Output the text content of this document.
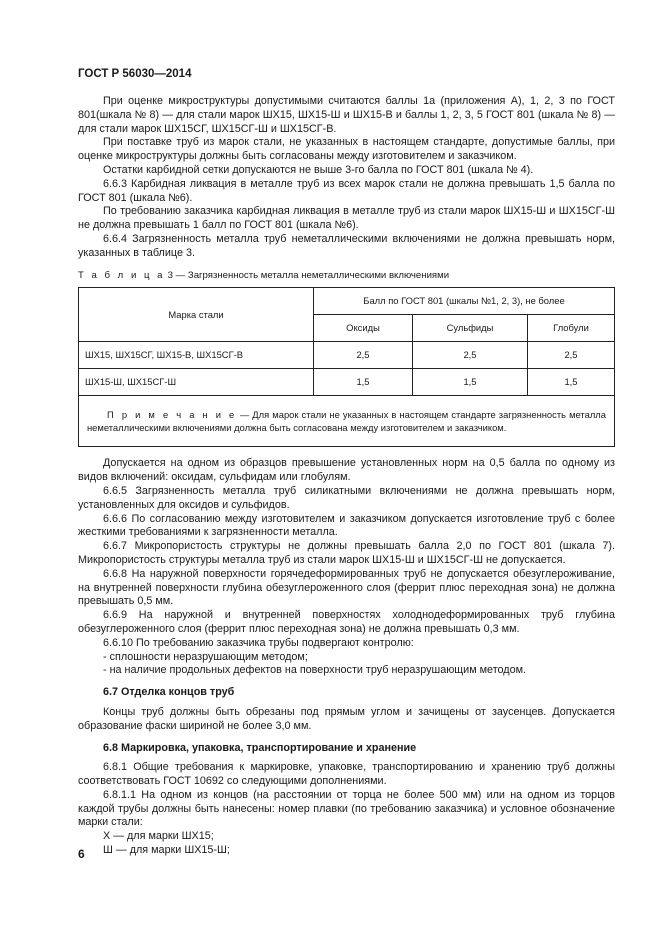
ГОСТ Р 56030—2014

При оценке микроструктуры допустимыми считаются баллы 1а (приложения А), 1, 2, 3 по ГОСТ 801(шкала № 8) — для стали марок ШХ15, ШХ15-Ш и ШХ15-В и баллы 1, 2, 3, 5 ГОСТ 801 (шкала № 8) — для стали марок ШХ15СГ, ШХ15СГ-Ш и ШХ15СГ-В.

При поставке труб из марок стали, не указанных в настоящем стандарте, допустимые баллы, при оценке микроструктуры должны быть согласованы между изготовителем и заказчиком.

Остатки карбидной сетки допускаются не выше 3-го балла по ГОСТ 801 (шкала № 4).

6.6.3 Карбидная ликвация в металле труб из всех марок стали не должна превышать 1,5 балла по ГОСТ 801 (шкала №6).

По требованию заказчика карбидная ликвация в металле труб из стали марок ШХ15-Ш и ШХ15СГ-Ш не должна превышать 1 балл по ГОСТ 801 (шкала №6).

6.6.4 Загрязненность металла труб неметаллическими включениями не должна превышать норм, указанных в таблице 3.

Т а б л и ц а 3 — Загрязненность металла неметаллическими включениями

Марка стали	Балл по ГОСТ 801 (шкалы №1, 2, 3), не более		
	Оксиды	Сульфиды	Глобули
ШХ15, ШХ15СГ, ШХ15-В, ШХ15СГ-В	2,5	2,5	2,5
ШХ15-Ш, ШХ15СГ-Ш	1,5	1,5	1,5
П р и м е ч а н и е — Для марок стали не указанных в настоящем стандарте загрязненность металла неметаллическими включениями должна быть согласована между изготовителем и заказчиком.			

Допускается на одном из образцов превышение установленных норм на 0,5 балла по одному из видов включений: оксидам, сульфидам или глобулям.

6.6.5 Загрязненность металла труб силикатными включениями не должна превышать норм, установленных для оксидов и сульфидов.

6.6.6 По согласованию между изготовителем и заказчиком допускается изготовление труб с более жесткими требованиями к загрязненности металла.

6.6.7 Микропористость структуры не должны превышать балла 2,0 по ГОСТ 801 (шкала 7). Микропористость структуры металла труб из стали марок ШХ15-Ш и ШХ15СГ-Ш не допускается.

6.6.8 На наружной поверхности горячедеформированных труб не допускается обезуглероживание, на внутренней поверхности глубина обезуглероженного слоя (феррит плюс переходная зона) не должна превышать 0,5 мм.

6.6.9 На наружной и внутренней поверхностях холоднодеформированных труб глубина обезуглероженного слоя (феррит плюс переходная зона) не должна превышать 0,3 мм.

6.6.10 По требованию заказчика трубы подвергают контролю:

- сплошности неразрушающим методом;

- на наличие продольных дефектов на поверхности труб неразрушающим методом.

6.7 Отделка концов труб

Концы труб должны быть обрезаны под прямым углом и зачищены от заусенцев. Допускается образование фаски шириной не более 3,0 мм.

6.8 Маркировка, упаковка, транспортирование и хранение

6.8.1 Общие требования к маркировке, упаковке, транспортированию и хранению труб должны соответствовать ГОСТ 10692 со следующими дополнениями.

6.8.1.1 На одном из концов (на расстоянии от торца не более 500 мм) или на одном из торцов каждой трубы должны быть нанесены: номер плавки (по требованию заказчика) и условное обозначение марки стали:

Х — для марки ШХ15;

Ш — для марки ШХ15-Ш;

6
